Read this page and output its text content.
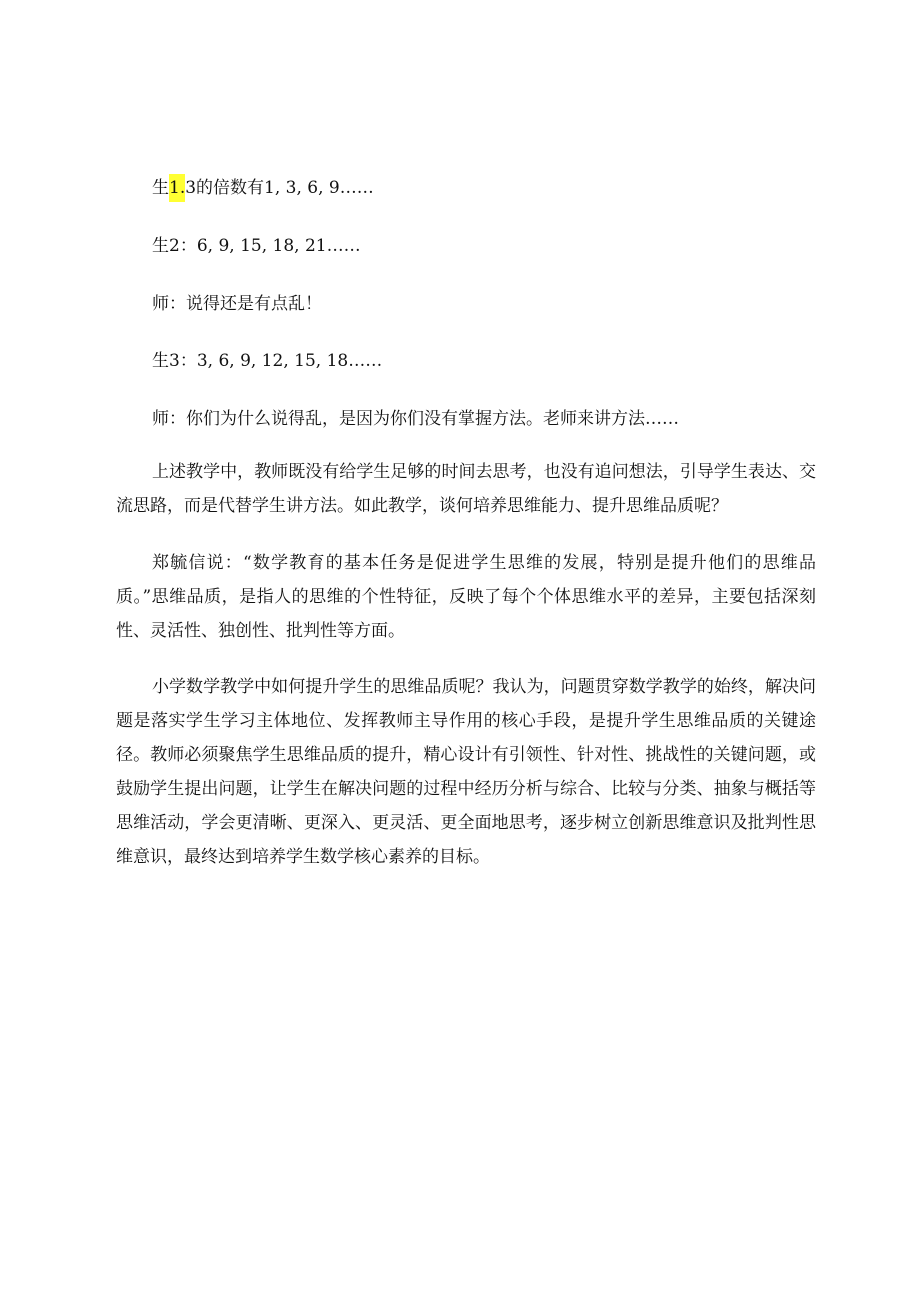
生1.3的倍数有1, 3, 6, 9……
生2：6, 9, 15, 18, 21……
师：说得还是有点乱！
生3：3, 6, 9, 12, 15, 18……
师：你们为什么说得乱，是因为你们没有掌握方法。老师来讲方法……

上述教学中，教师既没有给学生足够的时间去思考，也没有追问想法，引导学生表达、交流思路，而是代替学生讲方法。如此教学，谈何培养思维能力、提升思维品质呢？

郑毓信说：“数学教育的基本任务是促进学生思维的发展，特别是提升他们的思维品质。”思维品质，是指人的思维的个性特征，反映了每个个体思维水平的差异，主要包括深刻性、灵活性、独创性、批判性等方面。

小学数学教学中如何提升学生的思维品质呢？我认为，问题贯穿数学教学的始终，解决问题是落实学生学习主体地位、发挥教师主导作用的核心手段，是提升学生思维品质的关键途径。教师必须聚焦学生思维品质的提升，精心设计有引领性、针对性、挑战性的关键问题，或鼓励学生提出问题，让学生在解决问题的过程中经历分析与综合、比较与分类、抽象与概括等思维活动，学会更清晰、更深入、更灵活、更全面地思考，逐步树立创新思维意识及批判性思维意识，最终达到培养学生数学核心素养的目标。
